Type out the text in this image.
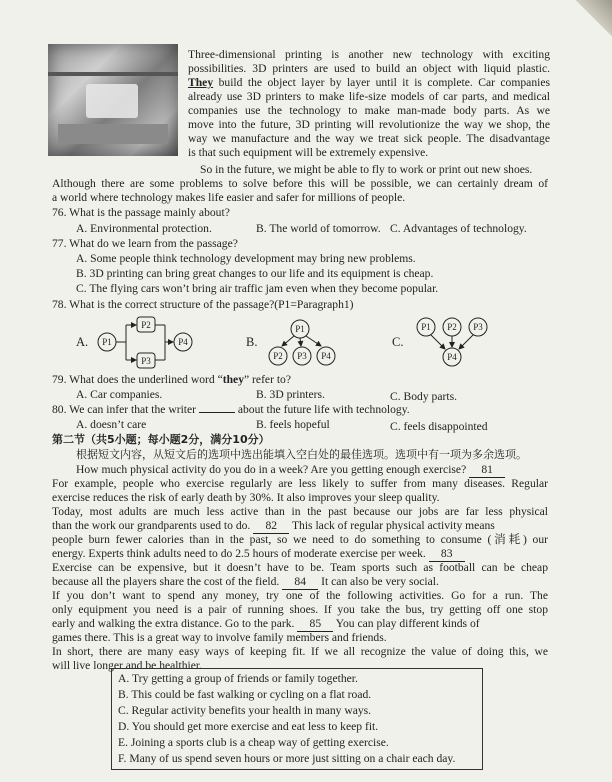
Three-dimensional printing is another new technology with exciting
possibilities. 3D printers are used to build an object with liquid plastic.
They build the object layer by layer until it is complete. Car companies
already use 3D printers to make life-size models of car parts, and medical
companies use the technology to make man-made body parts. As we
move into the future, 3D printing will revolutionize the way we shop, the
way we manufacture and the way we treat sick people. The disadvantage
is that such equipment will be extremely expensive.
So in the future, we might be able to fly to work or print out new shoes.
Although there are some problems to solve before this will be possible, we can certainly dream of
a world where technology makes life easier and safer for millions of people.
76. What is the passage mainly about?
A. Environmental protection.	B. The world of tomorrow. C. Advantages of technology.
77. What do we learn from the passage?
A. Some people think technology development may bring new problems.
B. 3D printing can bring great changes to our life and its equipment is cheap.
C. The flying cars won’t bring air traffic jam even when they become popular.
78. What is the correct structure of the passage?(P1=Paragraph1)
A.	B.	C.
P1
P2
P3
P4
P1
P2 P3 P4
P1 P2 P3
P4
79. What does the underlined word “they” refer to?
A. Car companies.	B. 3D printers.	C. Body parts.
80. We can infer that the writer	about the future life with technology.
A. doesn’t care	B. feels hopeful	C. feels disappointed
第二节（共5小题；每小题2分，满分10分）
根据短文内容，从短文后的选项中选出能填入空白处的最佳选项。选项中有一项为多余选项。
How much physical activity do you do in a week? Are you getting enough exercise? 81
For example, people who exercise regularly are less likely to suffer from many diseases. Regular
exercise reduces the risk of early death by 30%. It also improves your sleep quality.
Today, most adults are much less active than in the past because our jobs are far less physical
than the work our grandparents used to do. 82 This lack of regular physical activity means
people burn fewer calories than in the past, so we need to do something to consume (消耗) our
energy. Experts think adults need to do 2.5 hours of moderate exercise per week. 83
Exercise can be expensive, but it doesn’t have to be. Team sports such as football can be cheap
because all the players share the cost of the field. 84 It can also be very social.
If you don’t want to spend any money, try one of the following activities. Go for a run. The
only equipment you need is a pair of running shoes. If you take the bus, try getting off one stop
early and walking the extra distance. Go to the park. 85 You can play different kinds of
games there. This is a great way to involve family members and friends.
In short, there are many easy ways of keeping fit. If we all recognize the value of doing this, we
will live longer and be healthier.
A. Try getting a group of friends or family together.
B. This could be fast walking or cycling on a flat road.
C. Regular activity benefits your health in many ways.
D. You should get more exercise and eat less to keep fit.
E. Joining a sports club is a cheap way of getting exercise.
F. Many of us spend seven hours or more just sitting on a chair each day.
